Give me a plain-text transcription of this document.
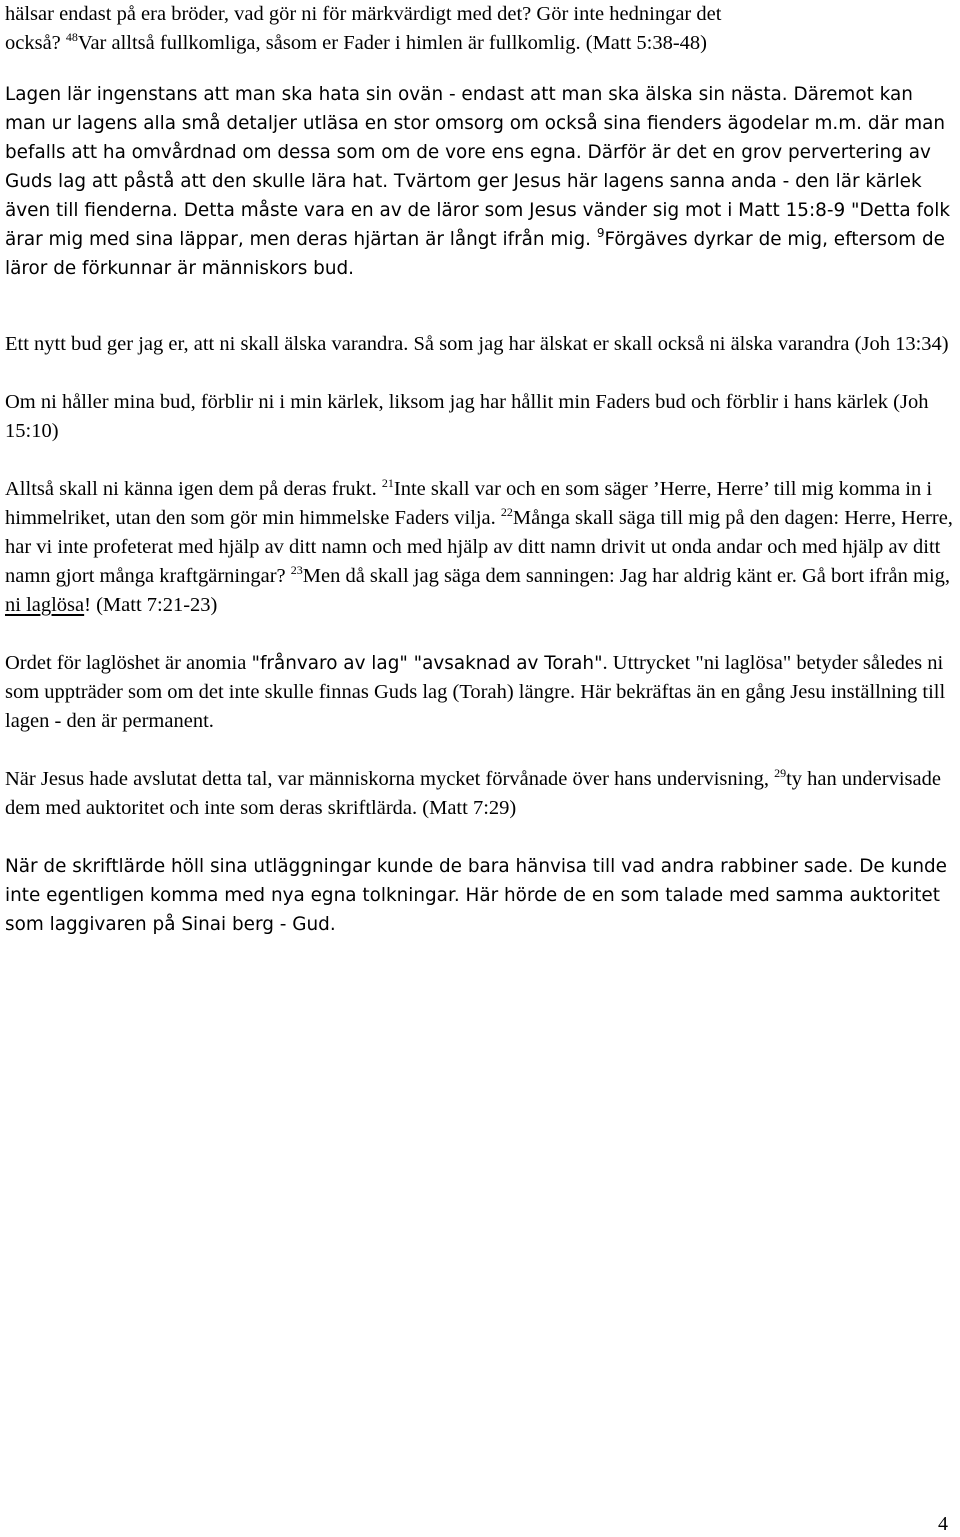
hälsar endast på era bröder, vad gör ni för märkvärdigt med det? Gör inte hedningar det
också? $^{48}$Var alltså fullkomliga, såsom er Fader i himlen är fullkomlig. (Matt 5:38-48)

Lagen lär ingenstans att man ska hata sin ovän - endast att man ska älska sin nästa. Däremot kan man ur lagens alla små detaljer utläsa en stor omsorg om också sina fienders ägodelar m.m. där man befalls att ha omvårdnad om dessa som om de vore ens egna. Därför är det en grov pervertering av Guds lag att påstå att den skulle lära hat. Tvärtom ger Jesus här lagens sanna anda - den lär kärlek även till fienderna. Detta måste vara en av de läror som Jesus vänder sig mot i Matt 15:8-9 "Detta folk ärar mig med sina läppar, men deras hjärtan är långt ifrån mig. $^9$Förgäves dyrkar de mig, eftersom de läror de förkunnar är människors bud.

Ett nytt bud ger jag er, att ni skall älska varandra. Så som jag har älskat er skall också ni älska varandra (Joh 13:34)

Om ni håller mina bud, förblir ni i min kärlek, liksom jag har hållit min Faders bud och förblir i hans kärlek (Joh 15:10)

Alltså skall ni känna igen dem på deras frukt. $^{21}$Inte skall var och en som säger ’Herre, Herre’ till mig komma in i himmelriket, utan den som gör min himmelske Faders vilja. $^{22}$Många skall säga till mig på den dagen: Herre, Herre, har vi inte profeterat med hjälp av ditt namn och med hjälp av ditt namn drivit ut onda andar och med hjälp av ditt namn gjort många kraftgärningar? $^{23}$Men då skall jag säga dem sanningen: Jag har aldrig känt er. Gå bort ifrån mig, ni laglösa! (Matt 7:21-23)

Ordet för laglöshet är anomia "frånvaro av lag" "avsaknad av Torah". Uttrycket "ni laglösa" betyder således ni som uppträder som om det inte skulle finnas Guds lag (Torah) längre. Här bekräftas än en gång Jesu inställning till lagen - den är permanent.

När Jesus hade avslutat detta tal, var människorna mycket förvånade över hans undervisning, $^{29}$ty han undervisade dem med auktoritet och inte som deras skriftlärda. (Matt 7:29)

När de skriftlärde höll sina utläggningar kunde de bara hänvisa till vad andra rabbiner sade. De kunde inte egentligen komma med nya egna tolkningar. Här hörde de en som talade med samma auktoritet som laggivaren på Sinai berg - Gud.

4
